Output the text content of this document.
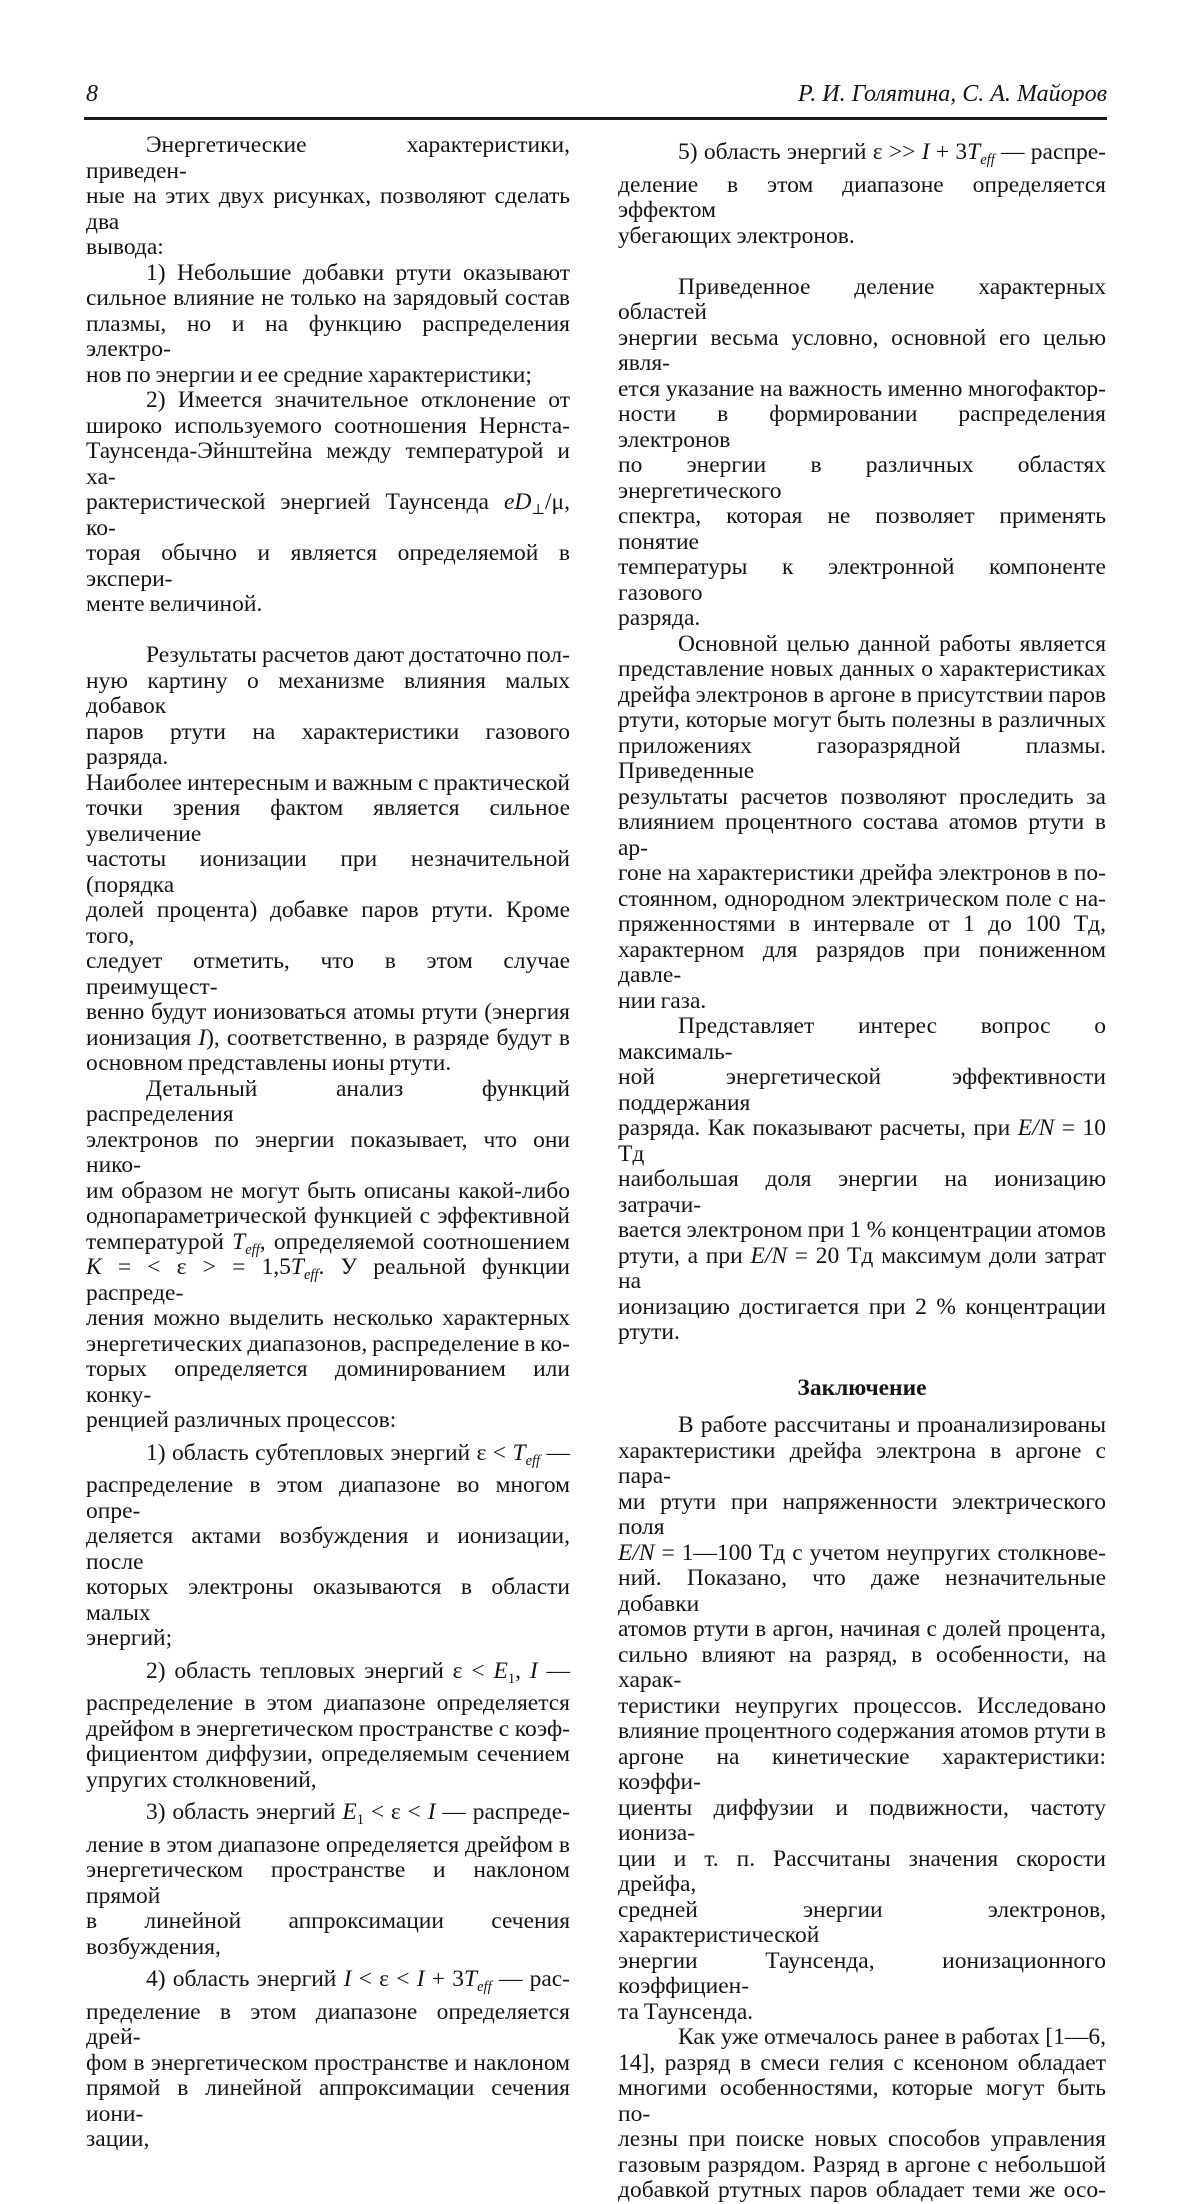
8	Р. И. Голятина, С. А. Майоров
Энергетические характеристики, приведен-
ные на этих двух рисунках, позволяют сделать два
вывода:
1) Небольшие добавки ртути оказывают
сильное влияние не только на зарядовый состав
плазмы, но и на функцию распределения электро-
нов по энергии и ее средние характеристики;
2) Имеется значительное отклонение от
широко используемого соотношения Нернста-
Таунсенда-Эйнштейна между температурой и ха-
рактеристической энергией Таунсенда $eD_\perp/\mu$, ко-
торая обычно и является определяемой в экспери-
менте величиной.
Результаты расчетов дают достаточно пол-
ную картину о механизме влияния малых добавок
паров ртути на характеристики газового разряда.
Наиболее интересным и важным с практической
точки зрения фактом является сильное увеличение
частоты ионизации при незначительной (порядка
долей процента) добавке паров ртути. Кроме того,
следует отметить, что в этом случае преимущест-
венно будут ионизоваться атомы ртути (энергия
ионизация I), соответственно, в разряде будут в
основном представлены ионы ртути.
Детальный анализ функций распределения
электронов по энергии показывает, что они нико-
им образом не могут быть описаны какой-либо
однопараметрической функцией с эффективной
температурой $T_{eff}$, определяемой соотношением
K = < ε > = $1,5T_{eff}$. У реальной функции распреде-
ления можно выделить несколько характерных
энергетических диапазонов, распределение в ко-
торых определяется доминированием или конку-
ренцией различных процессов:
1) область субтепловых энергий $\varepsilon < T_{eff}$ —
распределение в этом диапазоне во многом опре-
деляется актами возбуждения и ионизации, после
которых электроны оказываются в области малых
энергий;
2) область тепловых энергий $\varepsilon < E_1$, I —
распределение в этом диапазоне определяется
дрейфом в энергетическом пространстве с коэф-
фициентом диффузии, определяемым сечением
упругих столкновений,
3) область энергий $E_1 < \varepsilon < I$ — распреде-
ление в этом диапазоне определяется дрейфом в
энергетическом пространстве и наклоном прямой
в линейной аппроксимации сечения возбуждения,
4) область энергий $I < \varepsilon < I + 3T_{eff}$ — рас-
пределение в этом диапазоне определяется дрей-
фом в энергетическом пространстве и наклоном
прямой в линейной аппроксимации сечения иони-
зации,
5) область энергий $\varepsilon >> I + 3T_{eff}$ — распре-
деление в этом диапазоне определяется эффектом
убегающих электронов.
Приведенное деление характерных областей
энергии весьма условно, основной его целью явля-
ется указание на важность именно многофактор-
ности в формировании распределения электронов
по энергии в различных областях энергетического
спектра, которая не позволяет применять понятие
температуры к электронной компоненте газового
разряда.
Основной целью данной работы является
представление новых данных о характеристиках
дрейфа электронов в аргоне в присутствии паров
ртути, которые могут быть полезны в различных
приложениях газоразрядной плазмы. Приведенные
результаты расчетов позволяют проследить за
влиянием процентного состава атомов ртути в ар-
гоне на характеристики дрейфа электронов в по-
стоянном, однородном электрическом поле с на-
пряженностями в интервале от 1 до 100 Тд,
характерном для разрядов при пониженном давле-
нии газа.
Представляет интерес вопрос о максималь-
ной энергетической эффективности поддержания
разряда. Как показывают расчеты, при E/N = 10 Тд
наибольшая доля энергии на ионизацию затрачи-
вается электроном при 1 % концентрации атомов
ртути, а при E/N = 20 Тд максимум доли затрат на
ионизацию достигается при 2 % концентрации
ртути.
Заключение
В работе рассчитаны и проанализированы
характеристики дрейфа электрона в аргоне с пара-
ми ртути при напряженности электрического поля
E/N = 1—100 Тд с учетом неупругих столкнове-
ний. Показано, что даже незначительные добавки
атомов ртути в аргон, начиная с долей процента,
сильно влияют на разряд, в особенности, на харак-
теристики неупругих процессов. Исследовано
влияние процентного содержания атомов ртути в
аргоне на кинетические характеристики: коэффи-
циенты диффузии и подвижности, частоту иониза-
ции и т. п. Рассчитаны значения скорости дрейфа,
средней энергии электронов, характеристической
энергии Таунсенда, ионизационного коэффициен-
та Таунсенда.
Как уже отмечалось ранее в работах [1—6,
14], разряд в смеси гелия с ксеноном обладает
многими особенностями, которые могут быть по-
лезны при поиске новых способов управления
газовым разрядом. Разряд в аргоне с небольшой
добавкой ртутных паров обладает теми же осо-
